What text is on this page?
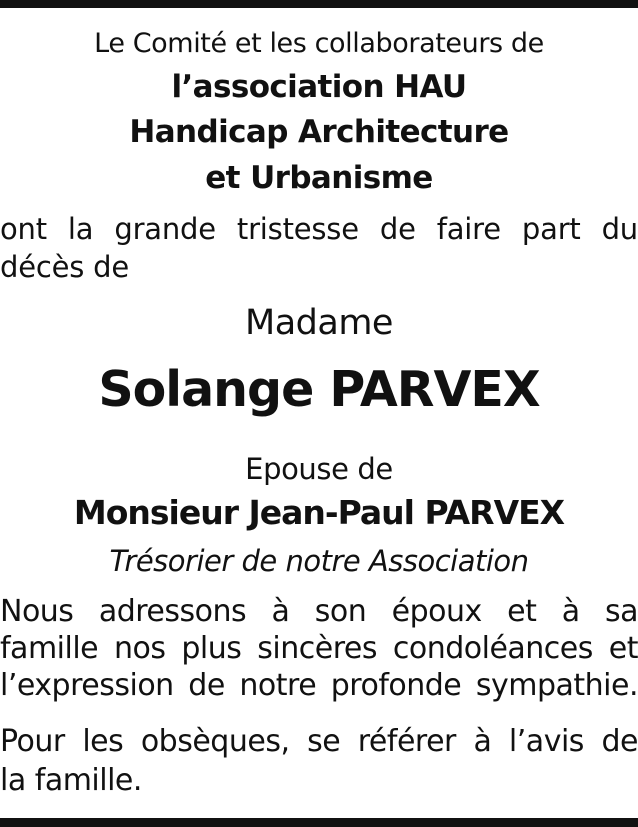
Le Comité et les collaborateurs de
l’association HAU
Handicap Architecture
et Urbanisme
ont la grande tristesse de faire part du
décès de
Madame
Solange PARVEX
Epouse de
Monsieur Jean-Paul PARVEX
Trésorier de notre Association
Nous adressons à son époux et à sa
famille nos plus sincères condoléances et
l’expression de notre profonde sympathie.
Pour les obsèques, se référer à l’avis de
la famille.
